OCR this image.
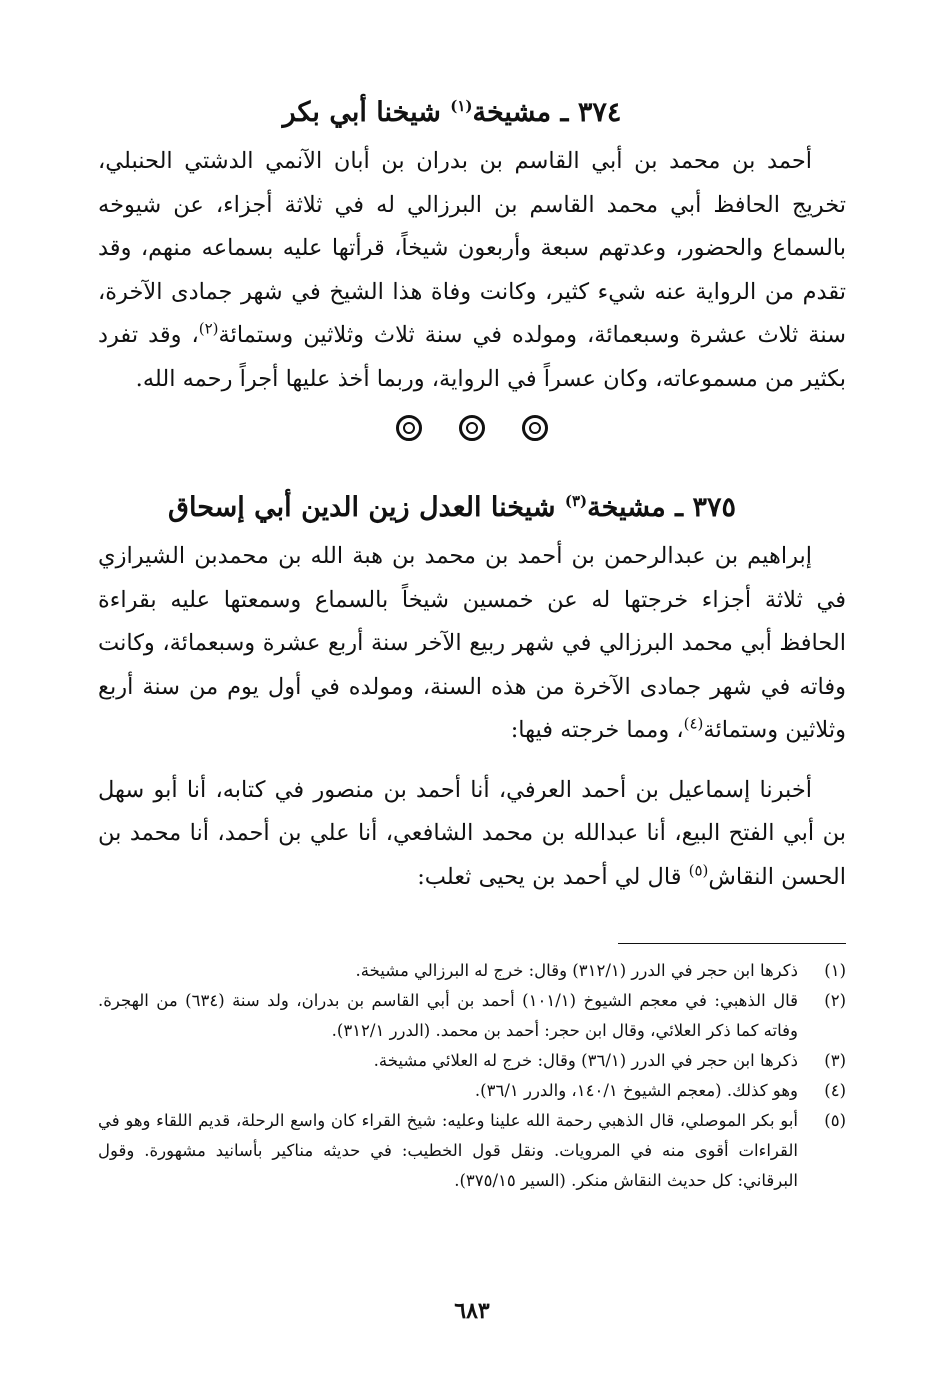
٣٧٤ ـ مشيخة$^{(١)}$ شيخنا أبي بكر

أحمد بن محمد بن أبي القاسم بن بدران بن أبان الآنمي الدشتي الحنبلي، تخريج الحافظ أبي محمد القاسم بن البرزالي له في ثلاثة أجزاء، عن شيوخه بالسماع والحضور، وعدتهم سبعة وأربعون شيخاً، قرأتها عليه بسماعه منهم، وقد تقدم من الرواية عنه شيء كثير، وكانت وفاة هذا الشيخ في شهر جمادى الآخرة، سنة ثلاث عشرة وسبعمائة، ومولده في سنة ثلاث وثلاثين وستمائة$^{(٢)}$، وقد تفرد بكثير من مسموعاته، وكان عسراً في الرواية، وربما أخذ عليها أجراً رحمه الله.

٣٧٥ ـ مشيخة$^{(٣)}$ شيخنا العدل زين الدين أبي إسحاق

إبراهيم بن عبدالرحمن بن أحمد بن محمد بن هبة الله بن محمدبن الشيرازي في ثلاثة أجزاء خرجتها له عن خمسين شيخاً بالسماع وسمعتها عليه بقراءة الحافظ أبي محمد البرزالي في شهر ربيع الآخر سنة أربع عشرة وسبعمائة، وكانت وفاته في شهر جمادى الآخرة من هذه السنة، ومولده في أول يوم من سنة أربع وثلاثين وستمائة$^{(٤)}$، ومما خرجته فيها:

أخبرنا إسماعيل بن أحمد العرفي، أنا أحمد بن منصور في كتابه، أنا أبو سهل بن أبي الفتح البيع، أنا عبدالله بن محمد الشافعي، أنا علي بن أحمد، أنا محمد بن الحسن النقاش$^{(٥)}$ قال لي أحمد بن يحيى ثعلب:

(١)
ذكرها ابن حجر في الدرر (٣١٢/١) وقال: خرج له البرزالي مشيخة.

(٢)
قال الذهبي: في معجم الشيوخ (١٠١/١) أحمد بن أبي القاسم بن بدران، ولد سنة (٦٣٤) من الهجرة. وفاته كما ذكر العلائي، وقال ابن حجر: أحمد بن محمد. (الدرر ٣١٢/١).

(٣)
ذكرها ابن حجر في الدرر (٣٦/١) وقال: خرج له العلائي مشيخة.

(٤)
وهو كذلك. (معجم الشيوخ ١٤٠/١، والدرر ٣٦/١).

(٥)
أبو بكر الموصلي، قال الذهبي رحمة الله علينا وعليه: شيخ القراء كان واسع الرحلة، قديم اللقاء وهو في القراءات أقوى منه في المرويات. ونقل قول الخطيب: في حديثه مناكير بأسانيد مشهورة. وقول البرقاني: كل حديث النقاش منكر. (السير ٣٧٥/١٥).

٦٨٣
